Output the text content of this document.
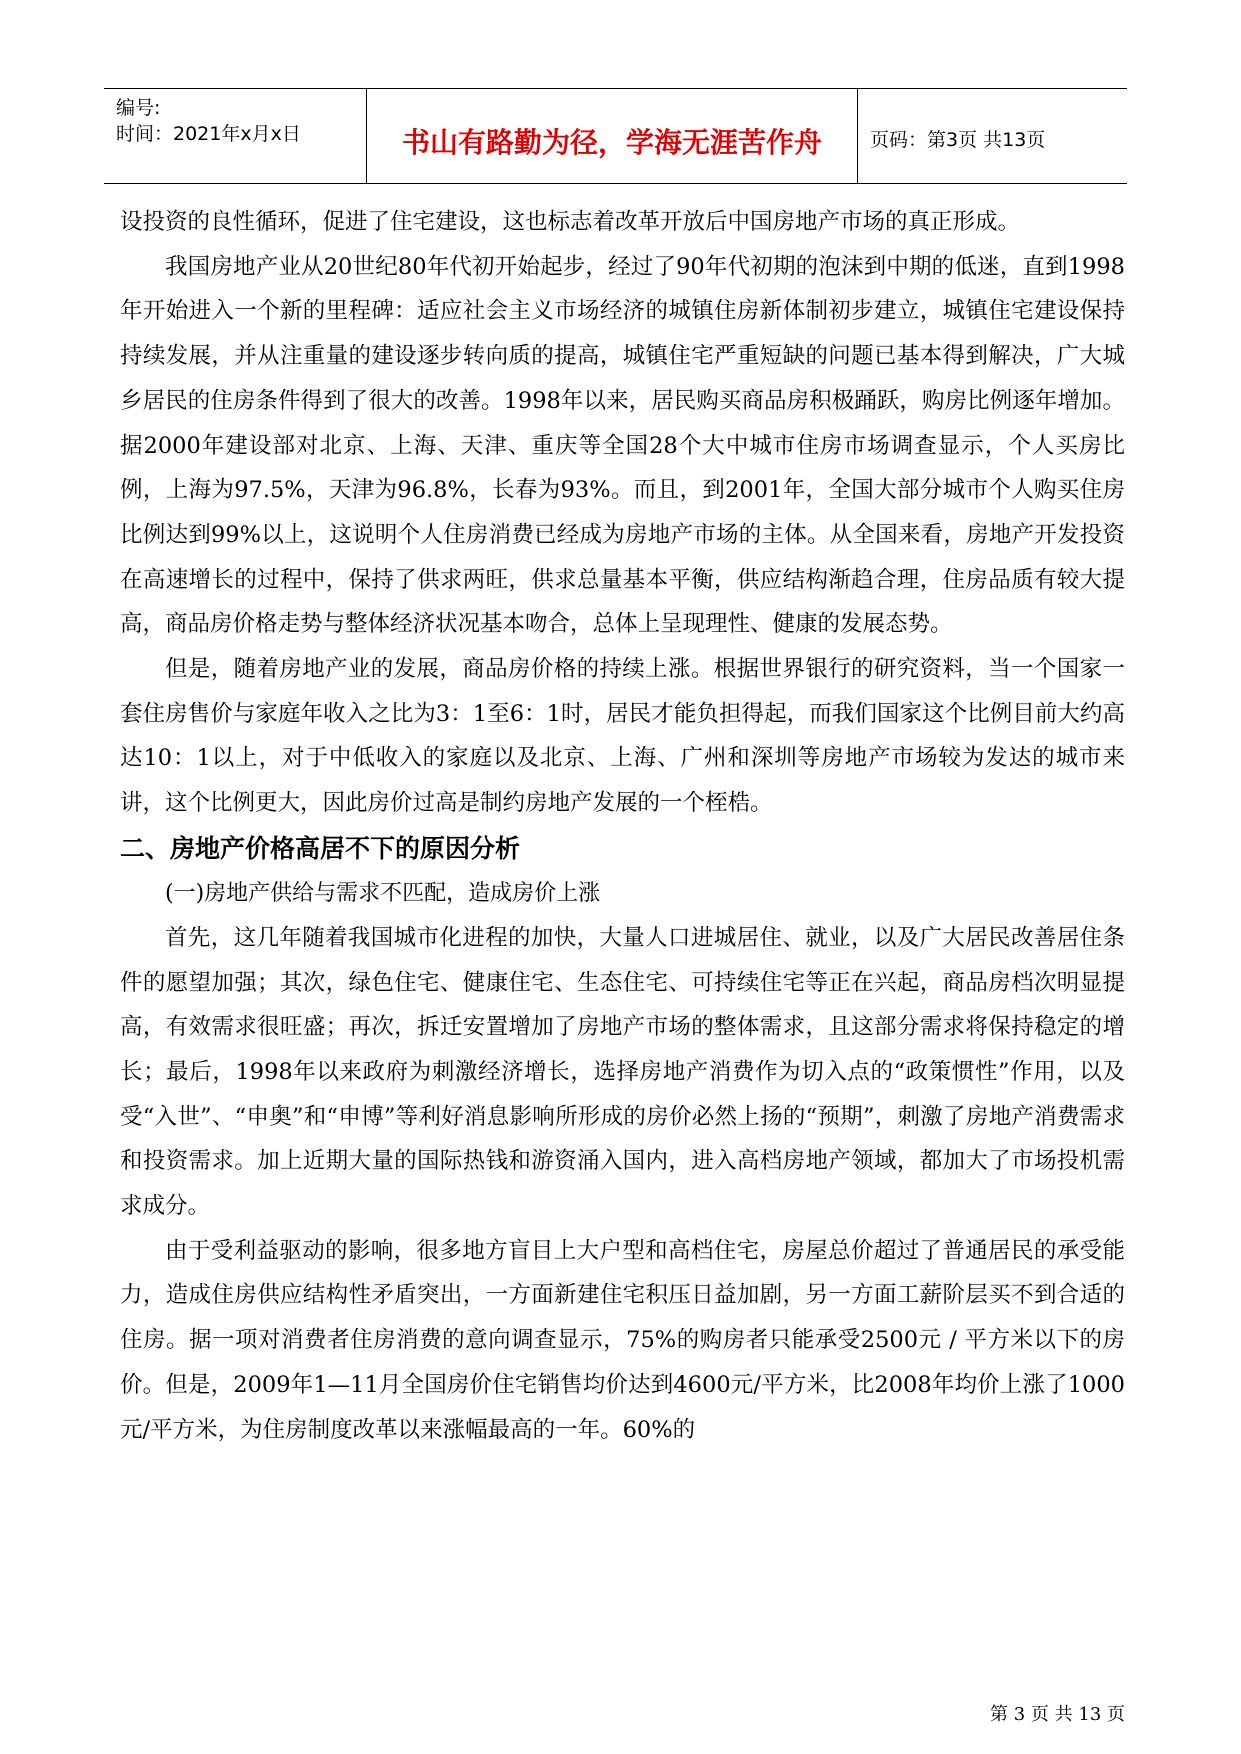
编号:
时间：2021年x月x日	书山有路勤为径，学海无涯苦作舟	页码：第3页 共13页

设投资的良性循环，促进了住宅建设，这也标志着改革开放后中国房地产市场的真正形成。

我国房地产业从20世纪80年代初开始起步，经过了90年代初期的泡沫到中期的低迷，直到1998年开始进入一个新的里程碑：适应社会主义市场经济的城镇住房新体制初步建立，城镇住宅建设保持持续发展，并从注重量的建设逐步转向质的提高，城镇住宅严重短缺的问题已基本得到解决，广大城乡居民的住房条件得到了很大的改善。1998年以来，居民购买商品房积极踊跃，购房比例逐年增加。据2000年建设部对北京、上海、天津、重庆等全国28个大中城市住房市场调查显示，个人买房比例，上海为97.5%，天津为96.8%，长春为93%。而且，到2001年，全国大部分城市个人购买住房比例达到99%以上，这说明个人住房消费已经成为房地产市场的主体。从全国来看，房地产开发投资在高速增长的过程中，保持了供求两旺，供求总量基本平衡，供应结构渐趋合理，住房品质有较大提高，商品房价格走势与整体经济状况基本吻合，总体上呈现理性、健康的发展态势。

但是，随着房地产业的发展，商品房价格的持续上涨。根据世界银行的研究资料，当一个国家一套住房售价与家庭年收入之比为3：1至6：1时，居民才能负担得起，而我们国家这个比例目前大约高达10：1以上，对于中低收入的家庭以及北京、上海、广州和深圳等房地产市场较为发达的城市来讲，这个比例更大，因此房价过高是制约房地产发展的一个桎梏。

二、房地产价格高居不下的原因分析

(一)房地产供给与需求不匹配，造成房价上涨

首先，这几年随着我国城市化进程的加快，大量人口进城居住、就业，以及广大居民改善居住条件的愿望加强；其次，绿色住宅、健康住宅、生态住宅、可持续住宅等正在兴起，商品房档次明显提高，有效需求很旺盛；再次，拆迁安置增加了房地产市场的整体需求，且这部分需求将保持稳定的增长；最后，1998年以来政府为刺激经济增长，选择房地产消费作为切入点的“政策惯性”作用，以及受“入世”、“申奥”和“申博”等利好消息影响所形成的房价必然上扬的“预期”，刺激了房地产消费需求和投资需求。加上近期大量的国际热钱和游资涌入国内，进入高档房地产领域，都加大了市场投机需求成分。

由于受利益驱动的影响，很多地方盲目上大户型和高档住宅，房屋总价超过了普通居民的承受能力，造成住房供应结构性矛盾突出，一方面新建住宅积压日益加剧，另一方面工薪阶层买不到合适的住房。据一项对消费者住房消费的意向调查显示，75%的购房者只能承受2500元 / 平方米以下的房价。但是，2009年1—11月全国房价住宅销售均价达到4600元/平方米，比2008年均价上涨了1000元/平方米，为住房制度改革以来涨幅最高的一年。60%的

第 3 页 共 13 页
